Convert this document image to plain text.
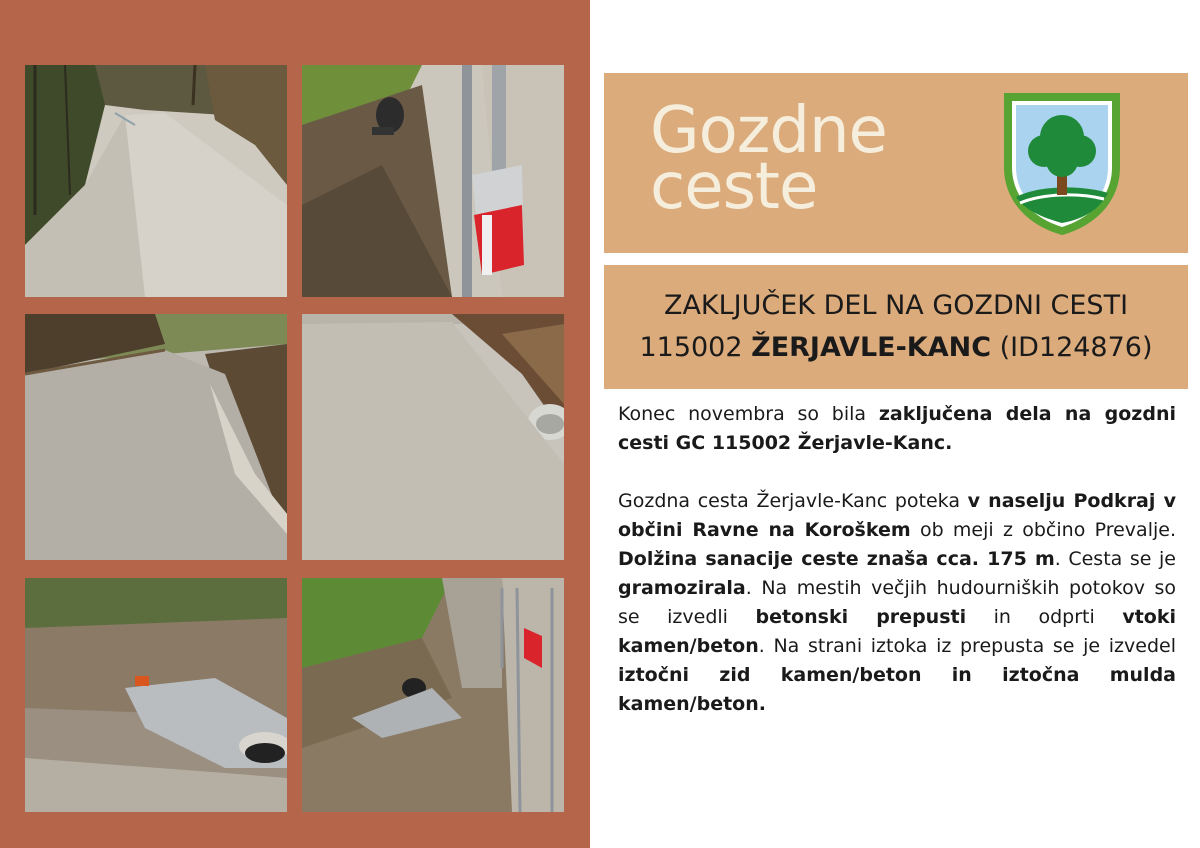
Gozdne
ceste
ZAKLJUČEK DEL NA GOZDNI CESTI
115002 ŽERJAVLE-KANC (ID124876)

Konec novembra so bila zaključena dela na gozdni cesti GC 115002 Žerjavle-Kanc.

Gozdna cesta Žerjavle-Kanc poteka v naselju Podkraj v občini Ravne na Koroškem ob meji z občino Prevalje. Dolžina sanacije ceste znaša cca. 175 m. Cesta se je gramozirala. Na mestih večjih hudourniških potokov so se izvedli betonski prepusti in odprti vtoki kamen/beton. Na strani iztoka iz prepusta se je izvedel iztočni zid kamen/beton in iztočna mulda kamen/beton.
